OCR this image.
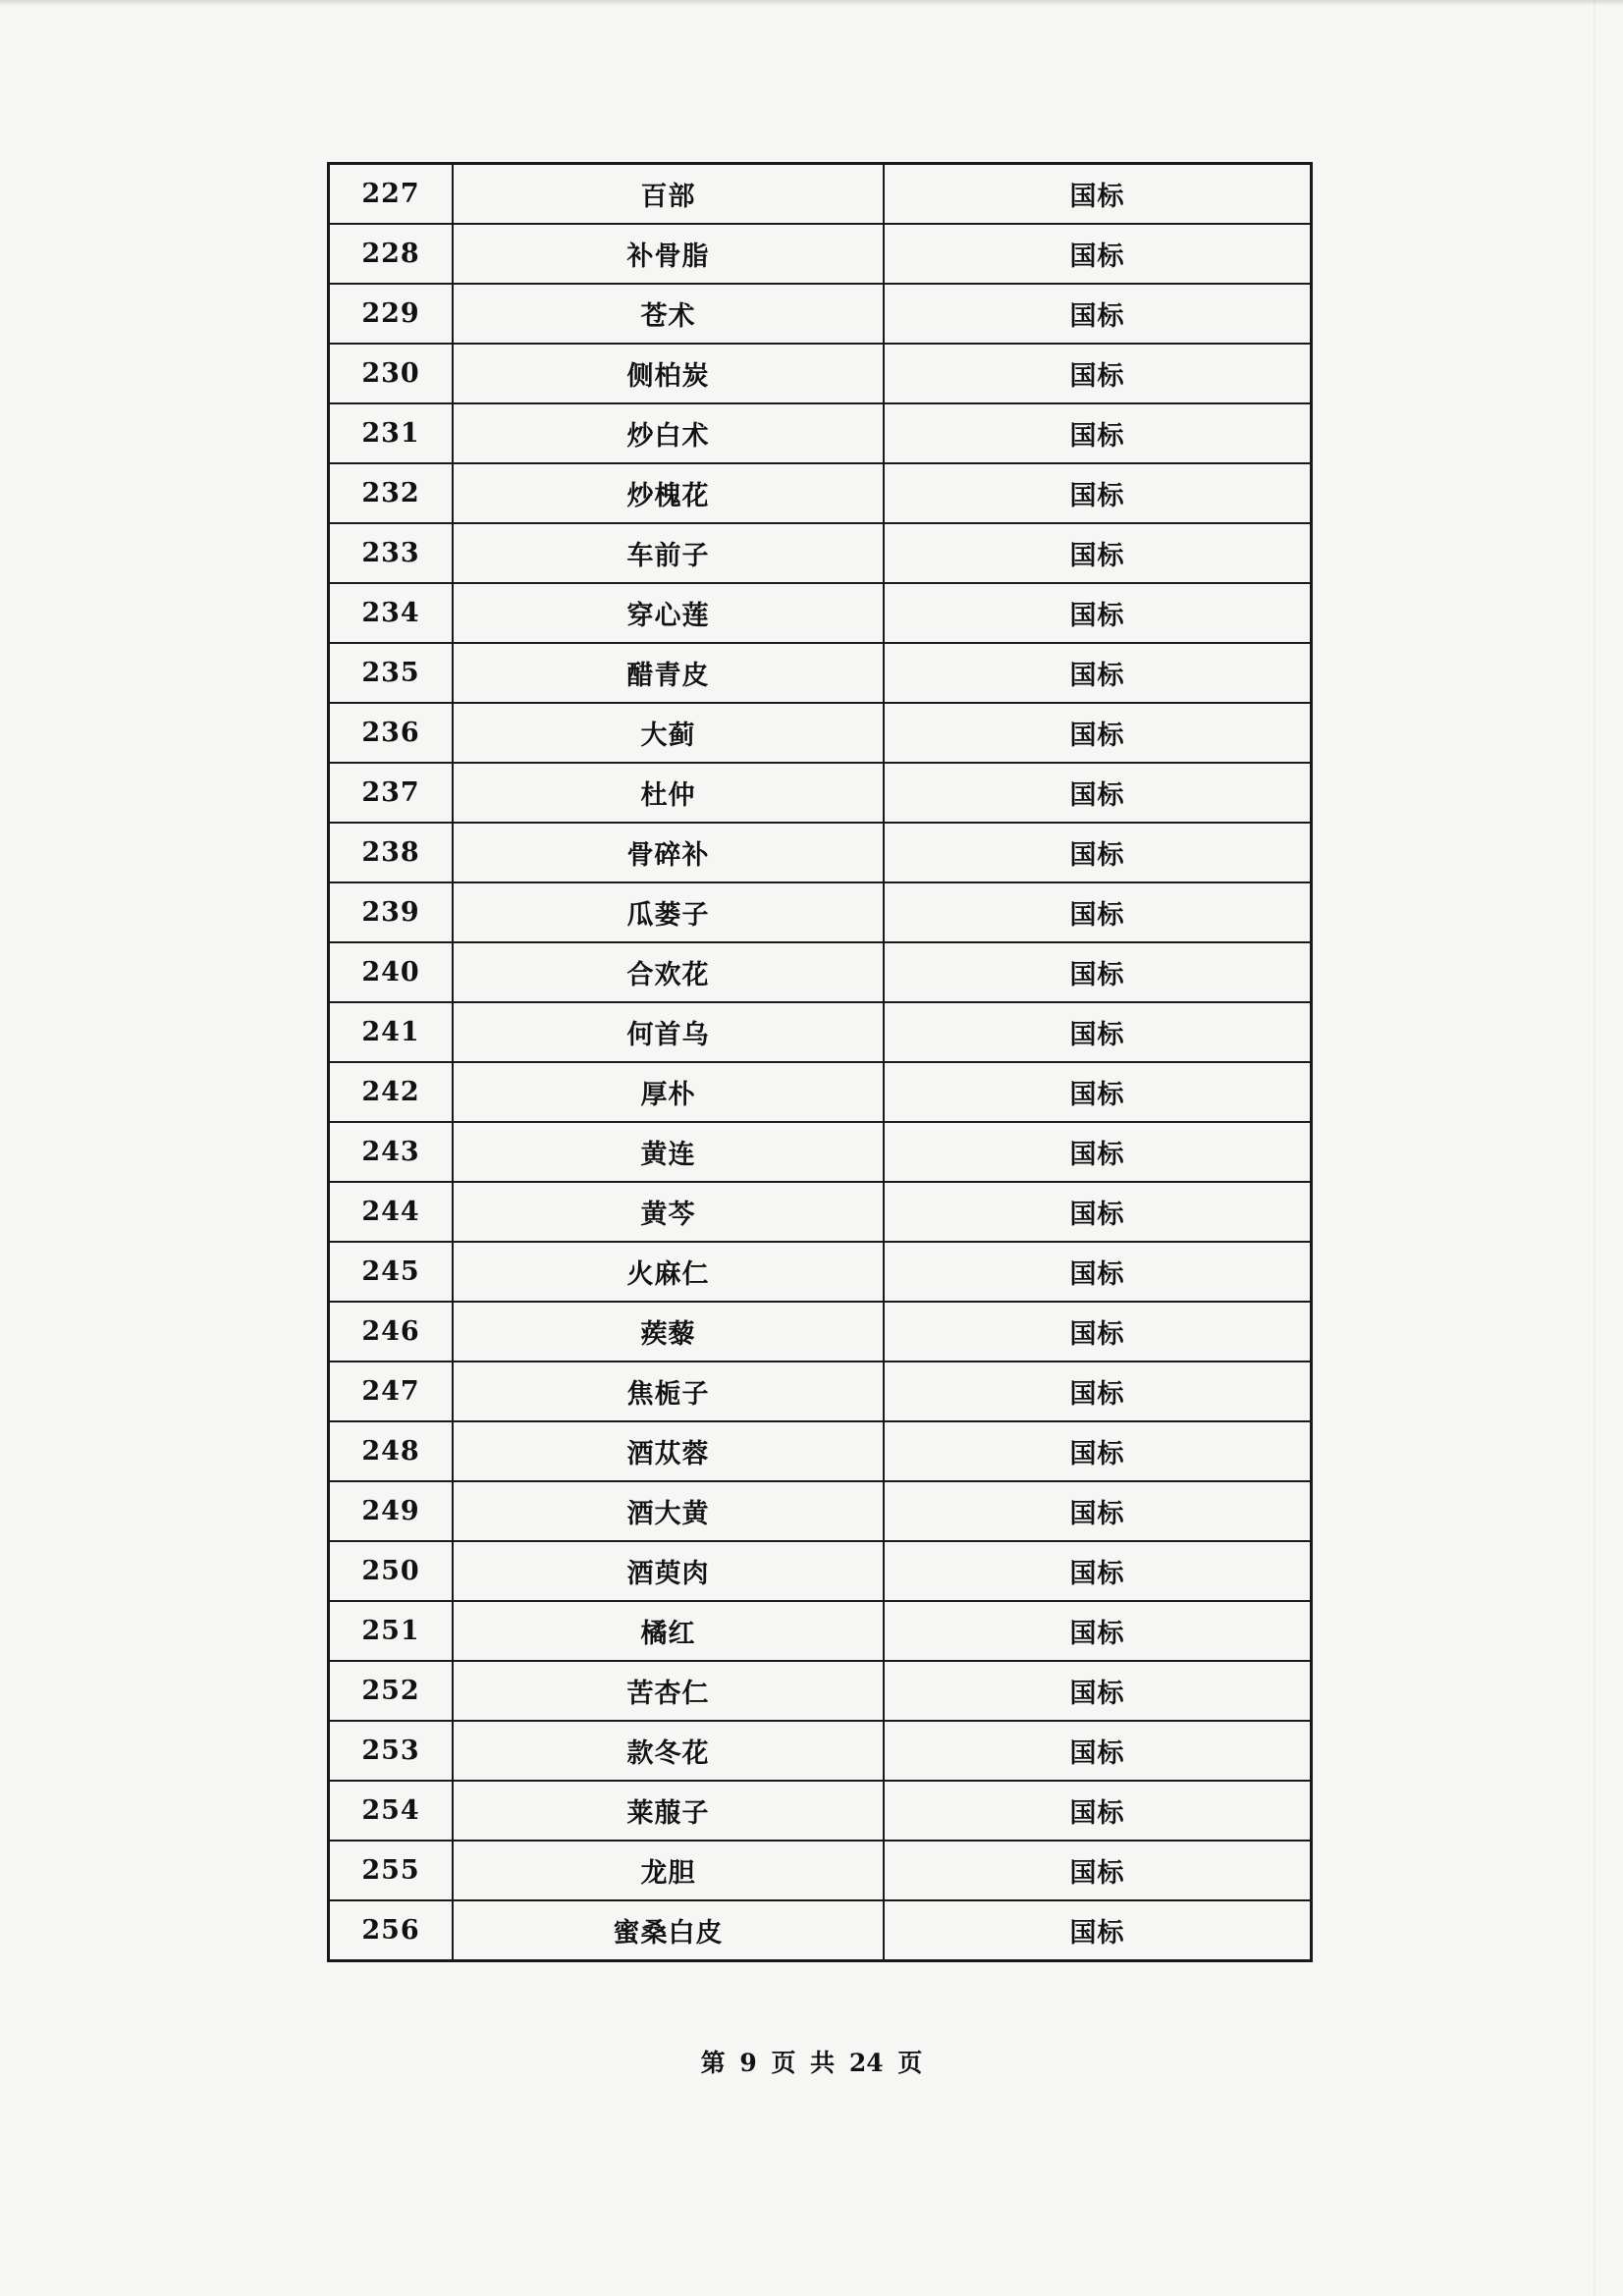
227	百部	国标
228	补骨脂	国标
229	苍术	国标
230	侧柏炭	国标
231	炒白术	国标
232	炒槐花	国标
233	车前子	国标
234	穿心莲	国标
235	醋青皮	国标
236	大蓟	国标
237	杜仲	国标
238	骨碎补	国标
239	瓜蒌子	国标
240	合欢花	国标
241	何首乌	国标
242	厚朴	国标
243	黄连	国标
244	黄芩	国标
245	火麻仁	国标
246	蒺藜	国标
247	焦栀子	国标
248	酒苁蓉	国标
249	酒大黄	国标
250	酒萸肉	国标
251	橘红	国标
252	苦杏仁	国标
253	款冬花	国标
254	莱菔子	国标
255	龙胆	国标
256	蜜桑白皮	国标
第 9 页 共 24 页
